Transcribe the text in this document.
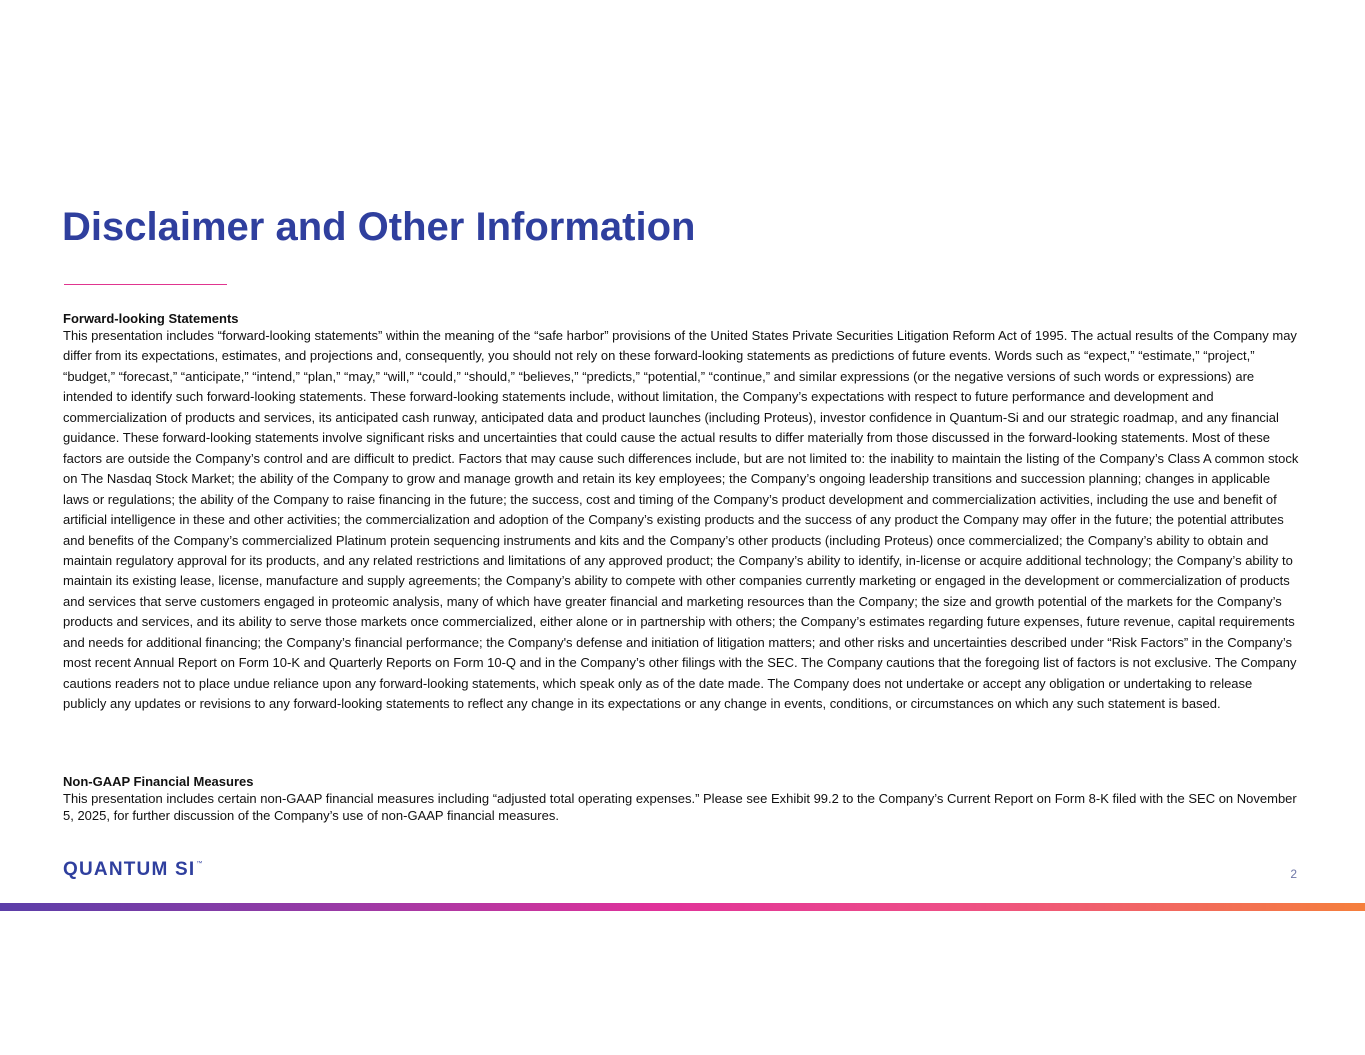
Disclaimer and Other Information
Forward-looking Statements

This presentation includes “forward-looking statements” within the meaning of the “safe harbor” provisions of the United States Private Securities Litigation Reform Act of 1995. The actual results of the Company may differ from its expectations, estimates, and projections and, consequently, you should not rely on these forward-looking statements as predictions of future events. Words such as “expect,” “estimate,” “project,” “budget,” “forecast,” “anticipate,” “intend,” “plan,” “may,” “will,” “could,” “should,” “believes,” “predicts,” “potential,” “continue,” and similar expressions (or the negative versions of such words or expressions) are intended to identify such forward-looking statements. These forward-looking statements include, without limitation, the Company’s expectations with respect to future performance and development and commercialization of products and services, its anticipated cash runway, anticipated data and product launches (including Proteus), investor confidence in Quantum-Si and our strategic roadmap, and any financial guidance. These forward-looking statements involve significant risks and uncertainties that could cause the actual results to differ materially from those discussed in the forward-looking statements. Most of these factors are outside the Company’s control and are difficult to predict. Factors that may cause such differences include, but are not limited to: the inability to maintain the listing of the Company’s Class A common stock on The Nasdaq Stock Market; the ability of the Company to grow and manage growth and retain its key employees; the Company’s ongoing leadership transitions and succession planning; changes in applicable laws or regulations; the ability of the Company to raise financing in the future; the success, cost and timing of the Company’s product development and commercialization activities, including the use and benefit of artificial intelligence in these and other activities; the commercialization and adoption of the Company’s existing products and the success of any product the Company may offer in the future; the potential attributes and benefits of the Company’s commercialized Platinum protein sequencing instruments and kits and the Company’s other products (including Proteus) once commercialized; the Company’s ability to obtain and maintain regulatory approval for its products, and any related restrictions and limitations of any approved product; the Company’s ability to identify, in-license or acquire additional technology; the Company’s ability to maintain its existing lease, license, manufacture and supply agreements; the Company’s ability to compete with other companies currently marketing or engaged in the development or commercialization of products and services that serve customers engaged in proteomic analysis, many of which have greater financial and marketing resources than the Company; the size and growth potential of the markets for the Company’s products and services, and its ability to serve those markets once commercialized, either alone or in partnership with others; the Company’s estimates regarding future expenses, future revenue, capital requirements and needs for additional financing; the Company’s financial performance; the Company's defense and initiation of litigation matters; and other risks and uncertainties described under “Risk Factors” in the Company’s most recent Annual Report on Form 10-K and Quarterly Reports on Form 10-Q and in the Company’s other filings with the SEC. The Company cautions that the foregoing list of factors is not exclusive. The Company cautions readers not to place undue reliance upon any forward-looking statements, which speak only as of the date made. The Company does not undertake or accept any obligation or undertaking to release publicly any updates or revisions to any forward-looking statements to reflect any change in its expectations or any change in events, conditions, or circumstances on which any such statement is based.

Non-GAAP Financial Measures

This presentation includes certain non-GAAP financial measures including “adjusted total operating expenses.” Please see Exhibit 99.2 to the Company’s Current Report on Form 8-K filed with the SEC on November 5, 2025, for further discussion of the Company’s use of non-GAAP financial measures.

QUANTUM SI ™
2
